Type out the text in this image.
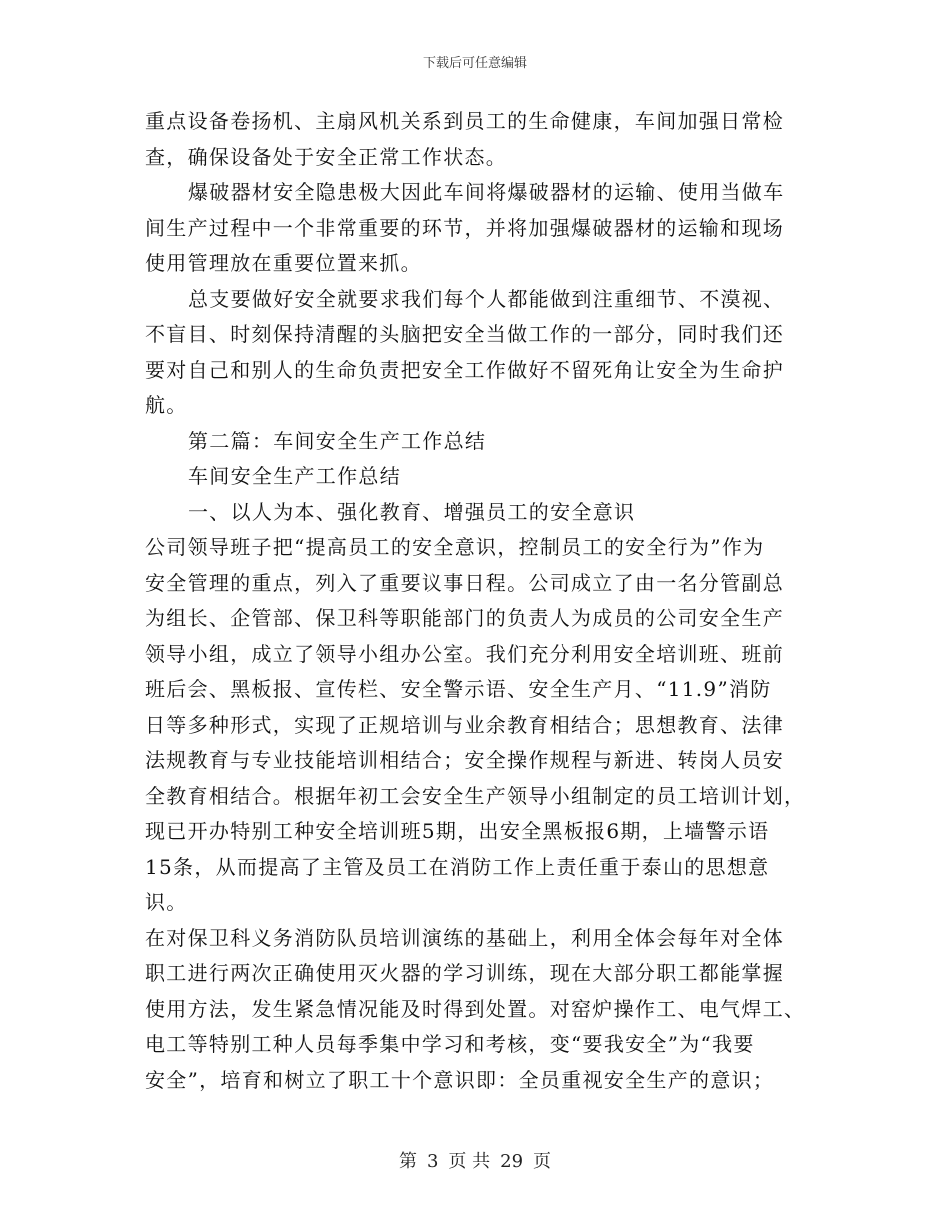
下载后可任意编辑

重点设备卷扬机、主扇风机关系到员工的生命健康，车间加强日常检

查，确保设备处于安全正常工作状态。

爆破器材安全隐患极大因此车间将爆破器材的运输、使用当做车

间生产过程中一个非常重要的环节，并将加强爆破器材的运输和现场

使用管理放在重要位置来抓。

总支要做好安全就要求我们每个人都能做到注重细节、不漠视、

不盲目、时刻保持清醒的头脑把安全当做工作的一部分，同时我们还

要对自己和别人的生命负责把安全工作做好不留死角让安全为生命护

航。

第二篇：车间安全生产工作总结

车间安全生产工作总结

一、以人为本、强化教育、增强员工的安全意识

公司领导班子把“提高员工的安全意识，控制员工的安全行为”作为

安全管理的重点，列入了重要议事日程。公司成立了由一名分管副总

为组长、企管部、保卫科等职能部门的负责人为成员的公司安全生产

领导小组，成立了领导小组办公室。我们充分利用安全培训班、班前

班后会、黑板报、宣传栏、安全警示语、安全生产月、“11.9”消防

日等多种形式，实现了正规培训与业余教育相结合；思想教育、法律

法规教育与专业技能培训相结合；安全操作规程与新进、转岗人员安

全教育相结合。根据年初工会安全生产领导小组制定的员工培训计划，

现已开办特别工种安全培训班5期，出安全黑板报6期，上墙警示语

15条，从而提高了主管及员工在消防工作上责任重于泰山的思想意识。

在对保卫科义务消防队员培训演练的基础上，利用全体会每年对全体

职工进行两次正确使用灭火器的学习训练，现在大部分职工都能掌握

使用方法，发生紧急情况能及时得到处置。对窑炉操作工、电气焊工、

电工等特别工种人员每季集中学习和考核，变“要我安全”为“我要

安全”，培育和树立了职工十个意识即：全员重视安全生产的意识；

第 3 页 共 29 页
